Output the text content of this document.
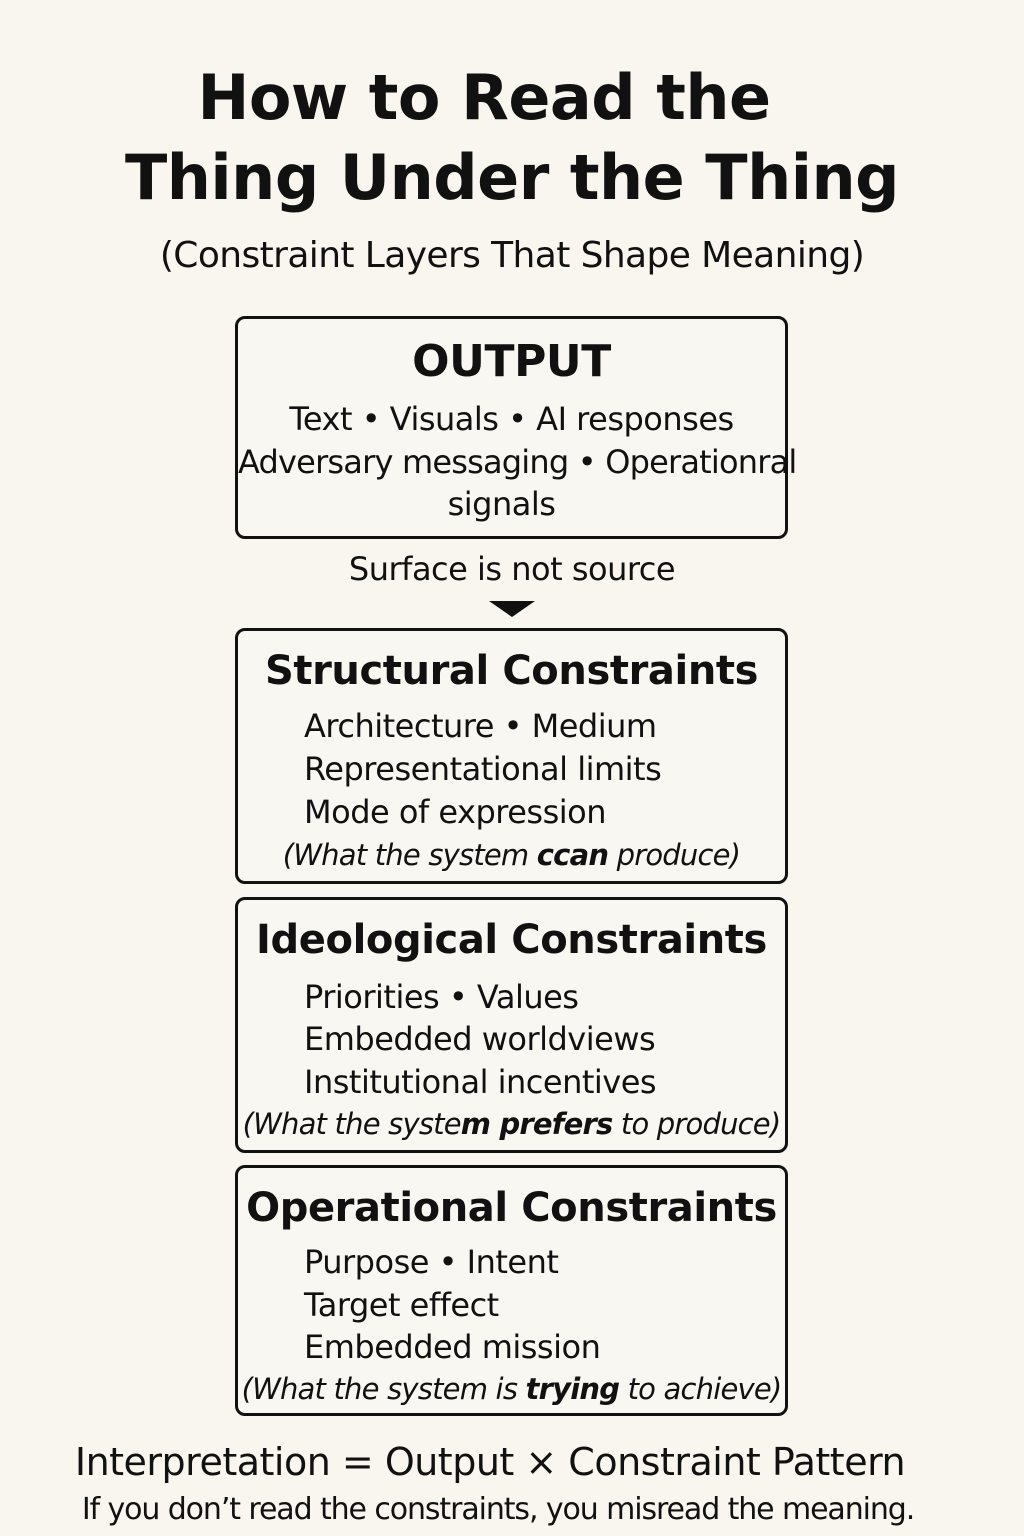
How to Read the
Thing Under the Thing
(Constraint Layers That Shape Meaning)
OUTPUT
Text • Visuals • AI responses
Adversary messaging • Operationral
signals
Surface is not source
Structural Constraints
Architecture • Medium
Representational limits
Mode of expression
(What the system ccan produce)
Ideological Constraints
Priorities • Values
Embedded worldviews
Institutional incentives
(What the system prefers to produce)
Operational Constraints
Purpose • Intent
Target effect
Embedded mission
(What the system is trying to achieve)
Interpretation = Output × Constraint Pattern
If you don’t read the constraints, you misread the meaning.
